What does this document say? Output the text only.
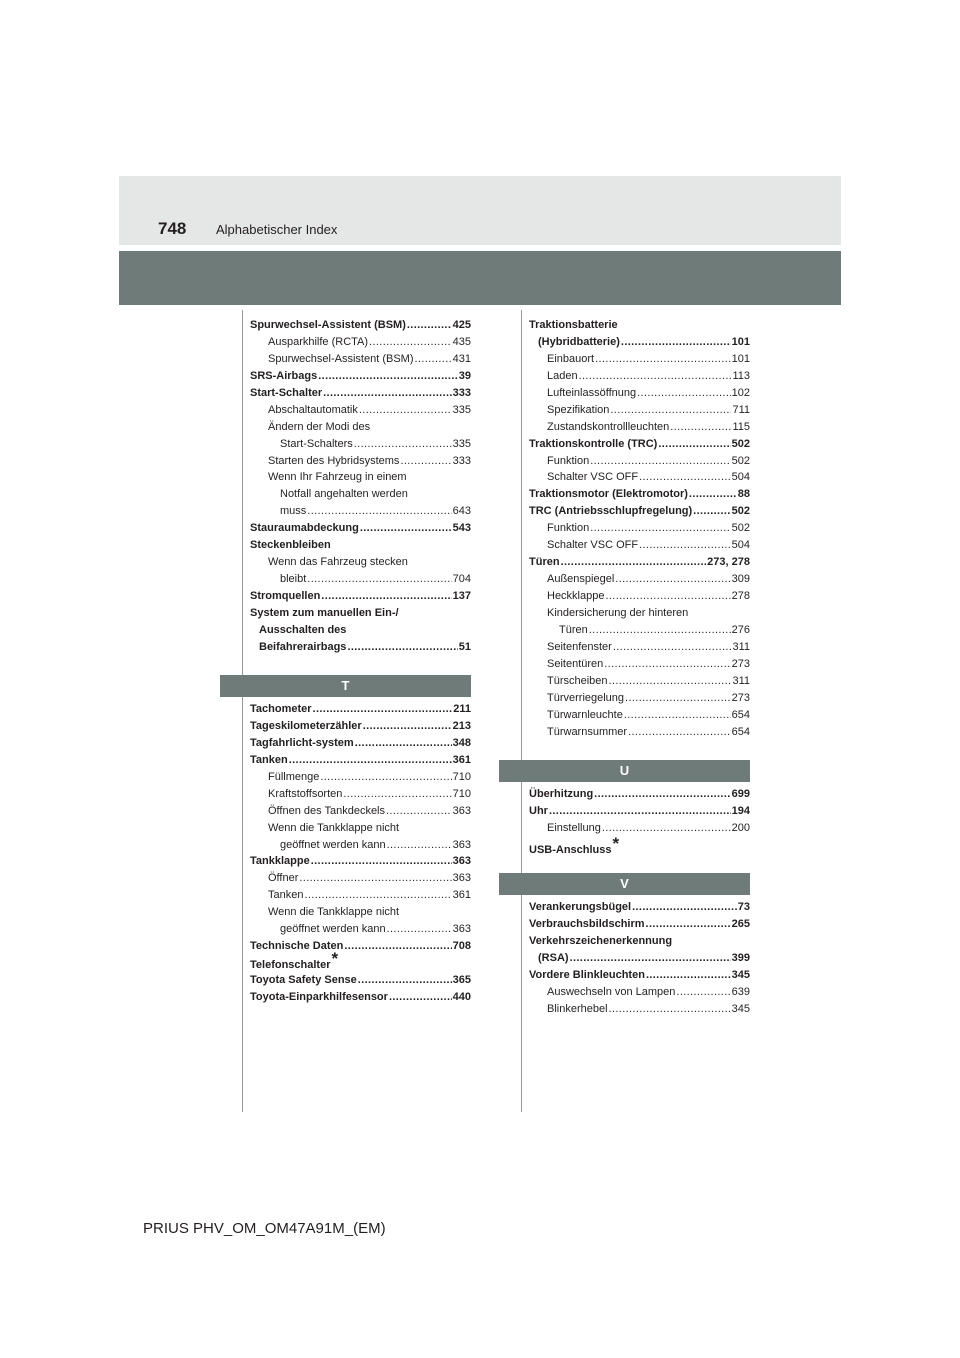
748 Alphabetischer Index
Spurwechsel-Assistent (BSM) . . .	425
Ausparkhilfe (RCTA) . . .	435
Spurwechsel-Assistent (BSM) . . .	431
SRS-Airbags . . .	39
Start-Schalter . . .	333
Abschaltautomatik . . .	335
Ändern der Modi des
Start-Schalters . . .	335
Starten des Hybridsystems . . .	333
Wenn Ihr Fahrzeug in einem
Notfall angehalten werden
muss . . .	643
Stauraumabdeckung . . .	543
Steckenbleiben
Wenn das Fahrzeug stecken
bleibt . . .	704
Stromquellen . . .	137
System zum manuellen Ein-/
Ausschalten des
Beifahrerairbags . . .	51
T
Tachometer . . .	211
Tageskilometerzähler . . .	213
Tagfahrlicht-system . . .	348
Tanken . . .	361
Füllmenge . . .	710
Kraftstoffsorten . . .	710
Öffnen des Tankdeckels . . .	363
Wenn die Tankklappe nicht
geöffnet werden kann . . .	363
Tankklappe . . .	363
Öffner . . .	363
Tanken . . .	361
Wenn die Tankklappe nicht
geöffnet werden kann . . .	363
Technische Daten . . .	708
Telefonschalter *
Toyota Safety Sense . . .	365
Toyota-Einparkhilfesensor . . .	440
Traktionsbatterie
(Hybridbatterie) . . .	101
Einbauort . . .	101
Laden . . .	113
Lufteinlassöffnung . . .	102
Spezifikation . . .	711
Zustandskontrollleuchten . . .	115
Traktionskontrolle (TRC) . . .	502
Funktion . . .	502
Schalter VSC OFF . . .	504
Traktionsmotor (Elektromotor) . . .	88
TRC (Antriebsschlupfregelung) . . .	502
Funktion . . .	502
Schalter VSC OFF . . .	504
Türen . . .	273, 278
Außenspiegel . . .	309
Heckklappe . . .	278
Kindersicherung der hinteren
Türen . . .	276
Seitenfenster . . .	311
Seitentüren . . .	273
Türscheiben . . .	311
Türverriegelung . . .	273
Türwarnleuchte . . .	654
Türwarnsummer . . .	654
U
Überhitzung . . .	699
Uhr . . .	194
Einstellung . . .	200
USB-Anschluss *
V
Verankerungsbügel . . .	73
Verbrauchsbildschirm . . .	265
Verkehrszeichenerkennung
(RSA) . . .	399
Vordere Blinkleuchten . . .	345
Auswechseln von Lampen . . .	639
Blinkerhebel . . .	345
PRIUS PHV_OM_OM47A91M_(EM)
